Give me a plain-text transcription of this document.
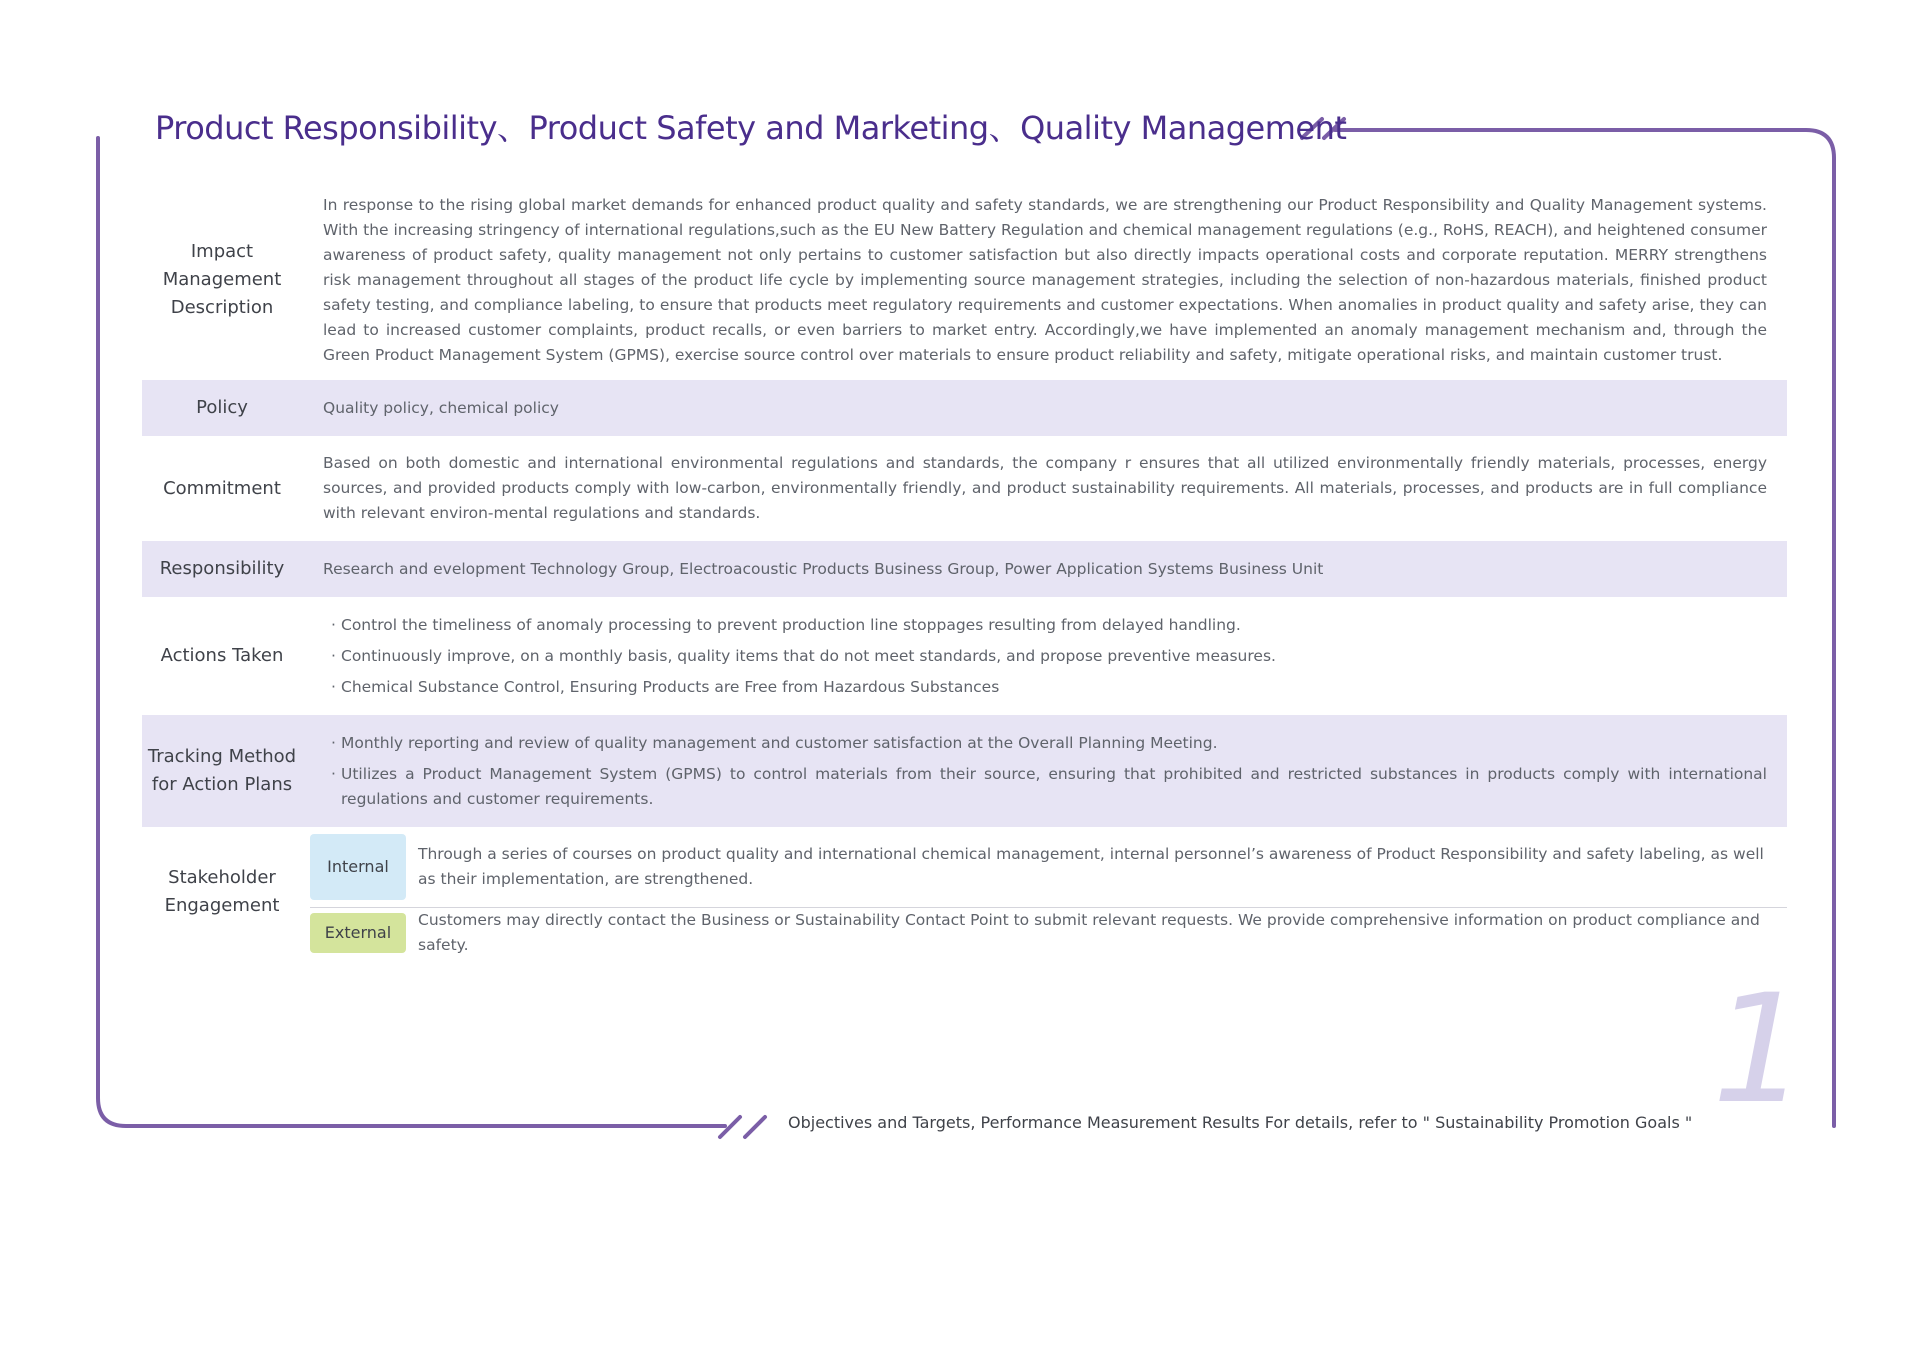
Product Responsibility、Product Safety and Marketing、Quality Management
Impact Management Description
In response to the rising global market demands for enhanced product quality and safety standards, we are strengthening our Product Responsibility and Quality Management systems. With the increasing stringency of international regulations,such as the EU New Battery Regulation and chemical management regulations (e.g., RoHS, REACH), and heightened consumer awareness of product safety, quality management not only pertains to customer satisfaction but also directly impacts operational costs and corporate reputation. MERRY strengthens risk management throughout all stages of the product life cycle by implementing source management strategies, including the selection of non-hazardous materials, finished product safety testing, and compliance labeling, to ensure that products meet regulatory requirements and customer expectations. When anomalies in product quality and safety arise, they can lead to increased customer complaints, product recalls, or even barriers to market entry. Accordingly,we have implemented an anomaly management mechanism and, through the Green Product Management System (GPMS), exercise source control over materials to ensure product reliability and safety, mitigate operational risks, and maintain customer trust.
Policy	Quality policy, chemical policy
Commitment
Based on both domestic and international environmental regulations and standards, the company r ensures that all utilized environmentally friendly materials, processes, energy sources, and provided products comply with low-carbon, environmentally friendly, and product sustainability requirements. All materials, processes, and products are in full compliance with relevant environ-mental regulations and standards.
Responsibility	Research and evelopment Technology Group, Electroacoustic Products Business Group, Power Application Systems Business Unit
Actions Taken
· Control the timeliness of anomaly processing to prevent production line stoppages resulting from delayed handling.
· Continuously improve, on a monthly basis, quality items that do not meet standards, and propose preventive measures.
· Chemical Substance Control, Ensuring Products are Free from Hazardous Substances
Tracking Method for Action Plans
· Monthly reporting and review of quality management and customer satisfaction at the Overall Planning Meeting.
· Utilizes a Product Management System (GPMS) to control materials from their source, ensuring that prohibited and restricted substances in products comply with international regulations and customer requirements.
Stakeholder Engagement
Internal
Through a series of courses on product quality and international chemical management, internal personnel’s awareness of Product Responsibility and safety labeling, as well as their implementation, are strengthened.
External
Customers may directly contact the Business or Sustainability Contact Point to submit relevant requests. We provide comprehensive information on product compliance and safety.
1
Objectives and Targets, Performance Measurement Results For details, refer to " Sustainability Promotion Goals "
